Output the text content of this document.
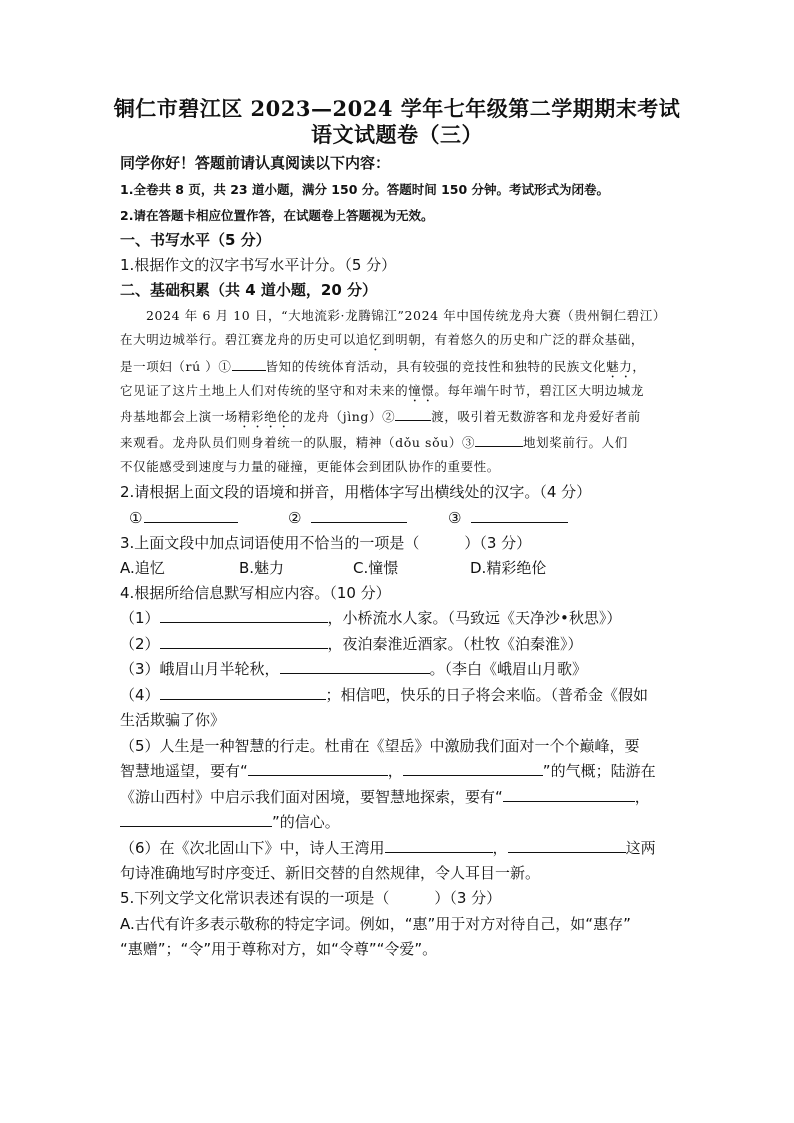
铜仁市碧江区 2023—2024 学年七年级第二学期期末考试
语文试题卷（三）
同学你好！答题前请认真阅读以下内容：
1.全卷共 8 页，共 23 道小题，满分 150 分。答题时间 150 分钟。考试形式为闭卷。
2.请在答题卡相应位置作答，在试题卷上答题视为无效。
一、书写水平（5 分）
1.根据作文的汉字书写水平计分。（5 分）
二、基础积累（共 4 道小题，20 分）
2024 年 6 月 10 日，“大地流彩·龙腾锦江”2024 年中国传统龙舟大赛（贵州铜仁碧江）
在大明边城举行。碧江赛龙舟的历史可以追忆到明朝，有着悠久的历史和广泛的群众基础，
是一项妇（rú ）①	皆知的传统体育活动，具有较强的竞技性和独特的民族文化魅力，
它见证了这片土地上人们对传统的坚守和对未来的憧憬。每年端午时节，碧江区大明边城龙
舟基地都会上演一场精彩绝伦的龙舟（jìng）②	渡，吸引着无数游客和龙舟爱好者前
来观看。龙舟队员们则身着统一的队服，精神（dǒu sǒu）③	地划桨前行。人们
不仅能感受到速度与力量的碰撞，更能体会到团队协作的重要性。
2.请根据上面文段的语境和拼音，用楷体字写出横线处的汉字。（4 分）
①	②	③
3.上面文段中加点词语使用不恰当的一项是（　　　）（3 分）
A.追忆	B.魅力	C.憧憬	D.精彩绝伦
4.根据所给信息默写相应内容。（10 分）
（1）	，小桥流水人家。（马致远《天净沙•秋思》）
（2）	，夜泊秦淮近酒家。（杜牧《泊秦淮》）
（3）峨眉山月半轮秋，	。（李白《峨眉山月歌》
（4）	；相信吧，快乐的日子将会来临。（普希金《假如
生活欺骗了你》
（5）人生是一种智慧的行走。杜甫在《望岳》中激励我们面对一个个巅峰，要
智慧地遥望，要有“	，	”的气概；陆游在
《游山西村》中启示我们面对困境，要智慧地探索，要有“	，
”的信心。
（6）在《次北固山下》中，诗人王湾用	，	这两
句诗准确地写时序变迁、新旧交替的自然规律，令人耳目一新。
5.下列文学文化常识表述有误的一项是（　　　）（3 分）
A.古代有许多表示敬称的特定字词。例如，“惠”用于对方对待自己，如“惠存”
“惠赠”；“令”用于尊称对方，如“令尊”“令爱”。
